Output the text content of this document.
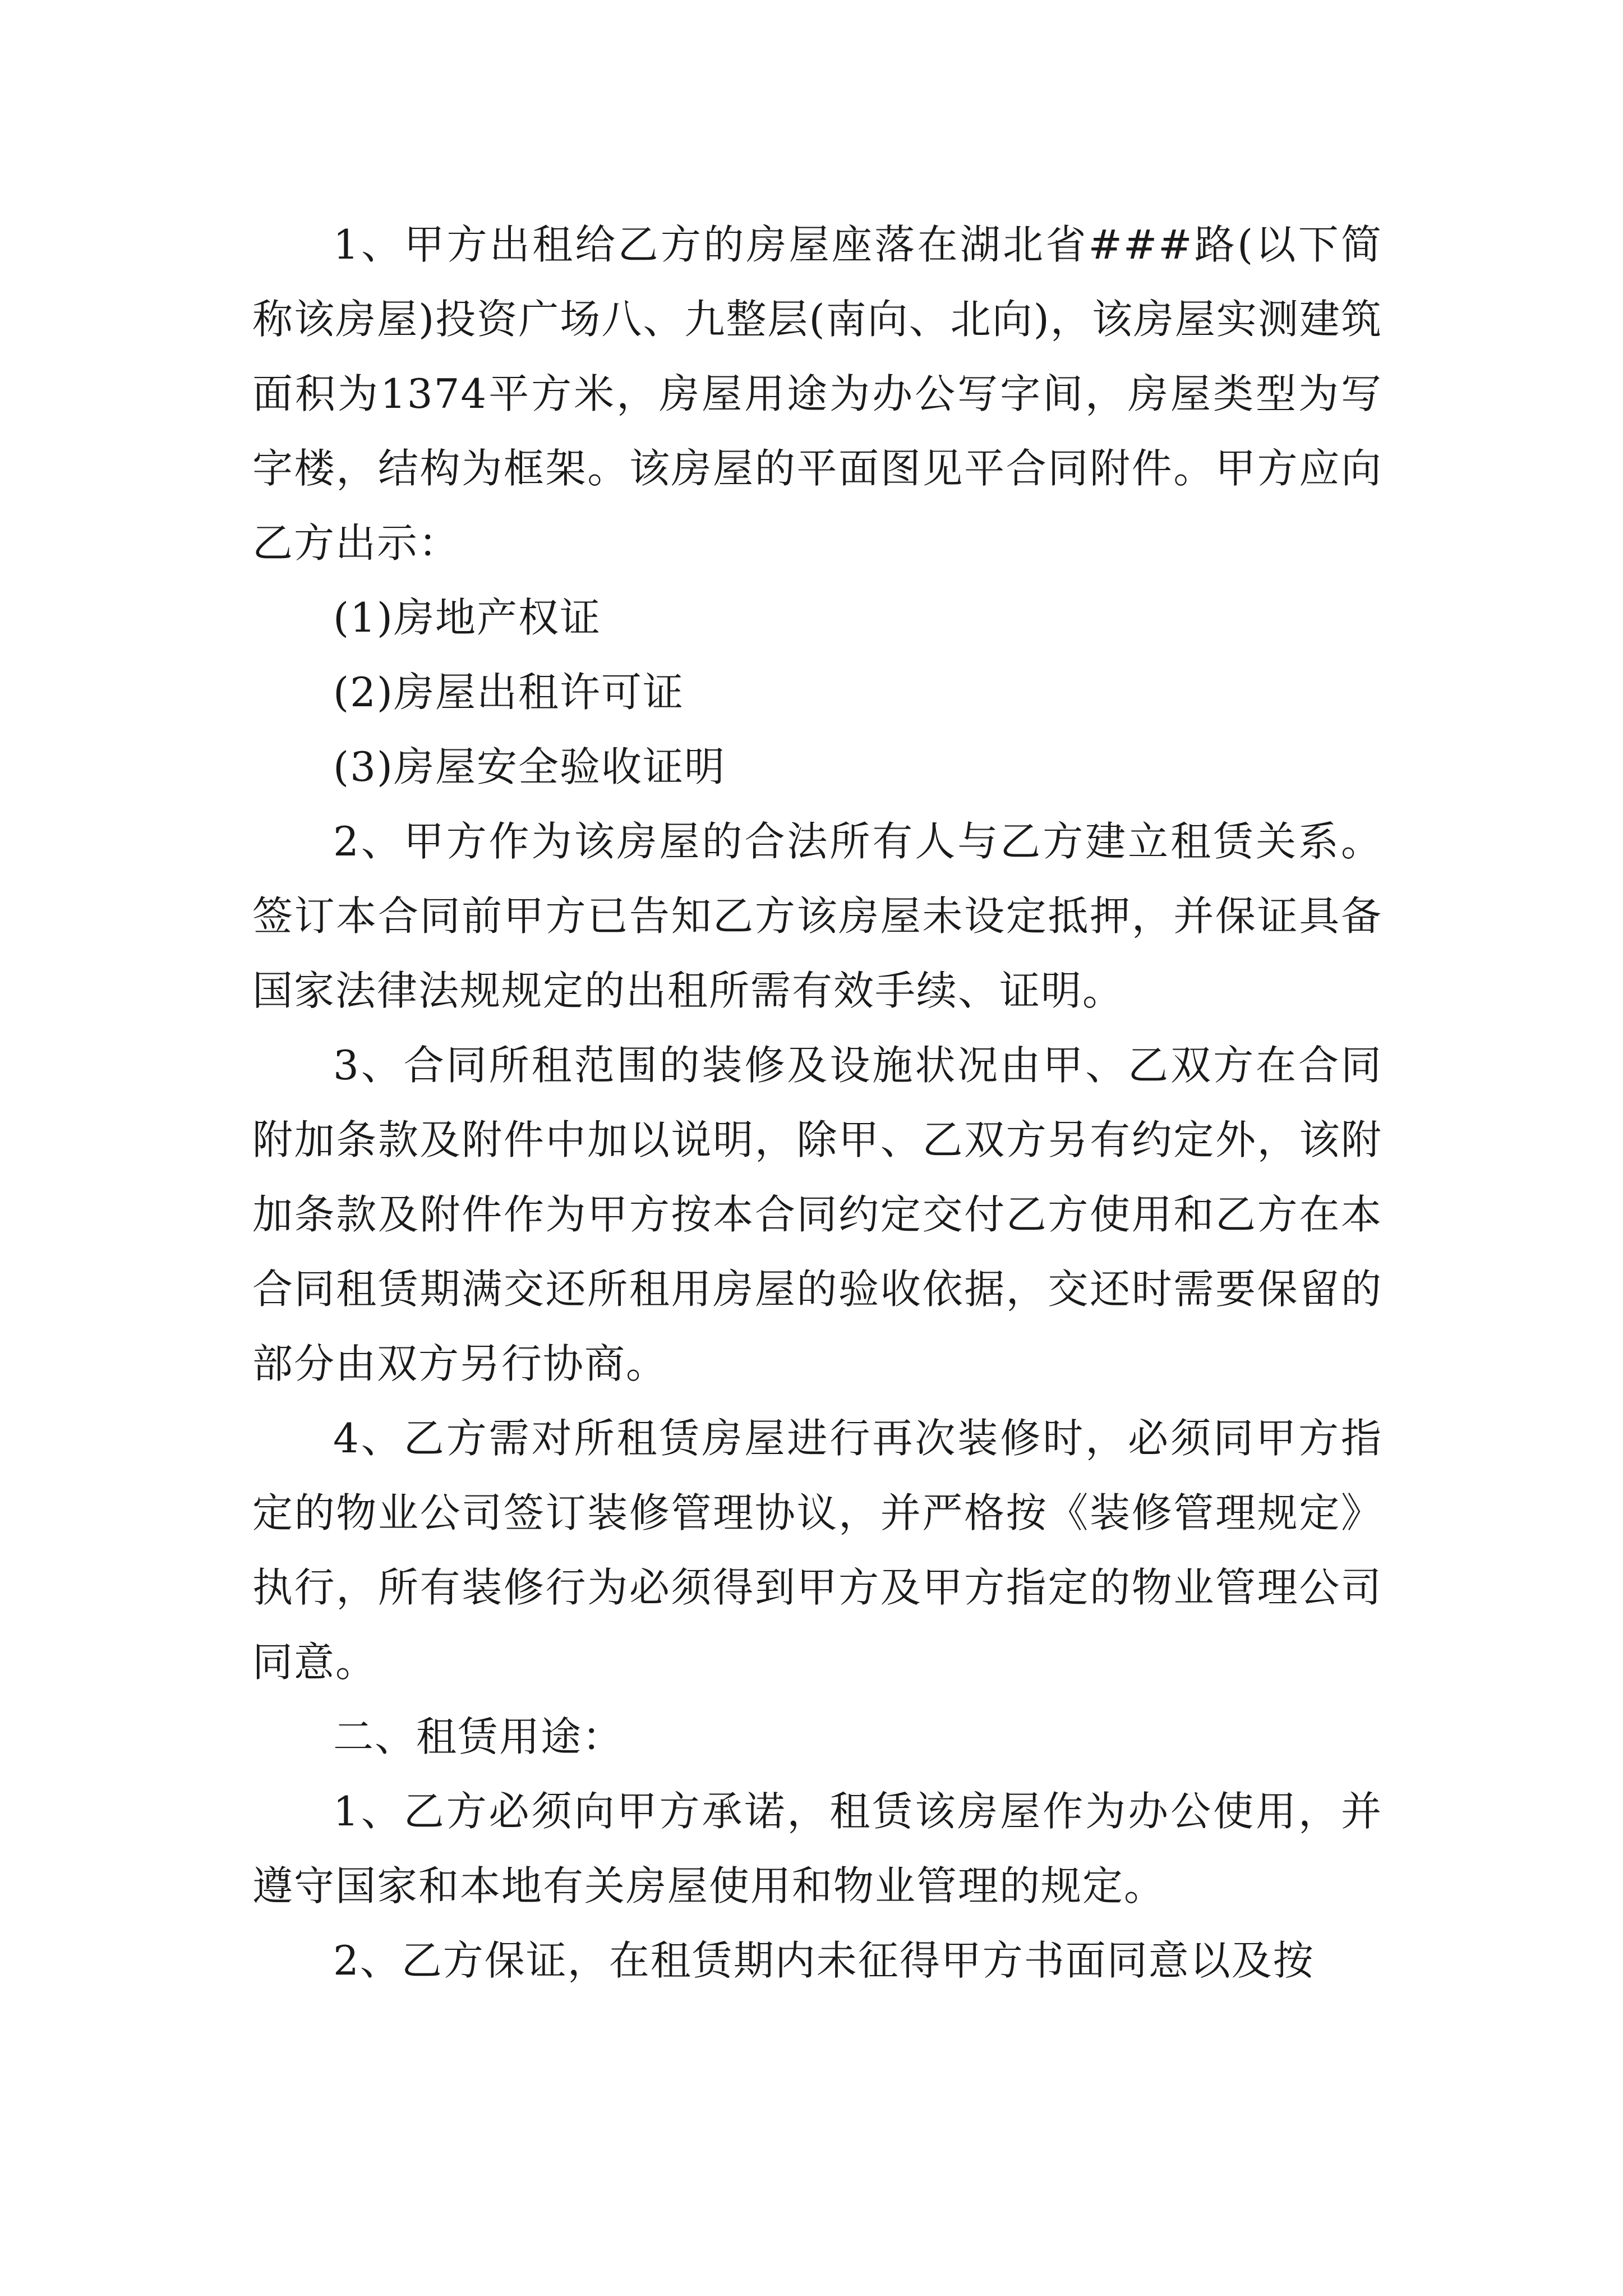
1、甲方出租给乙方的房屋座落在湖北省###路(以下简称该房屋)投资广场八、九整层(南向、北向)，该房屋实测建筑面积为1374平方米，房屋用途为办公写字间，房屋类型为写字楼，结构为框架。该房屋的平面图见平合同附件。甲方应向乙方出示：

(1)房地产权证

(2)房屋出租许可证

(3)房屋安全验收证明

2、甲方作为该房屋的合法所有人与乙方建立租赁关系。签订本合同前甲方已告知乙方该房屋未设定抵押，并保证具备国家法律法规规定的出租所需有效手续、证明。

3、合同所租范围的装修及设施状况由甲、乙双方在合同附加条款及附件中加以说明，除甲、乙双方另有约定外，该附加条款及附件作为甲方按本合同约定交付乙方使用和乙方在本合同租赁期满交还所租用房屋的验收依据，交还时需要保留的部分由双方另行协商。

4、乙方需对所租赁房屋进行再次装修时，必须同甲方指定的物业公司签订装修管理协议，并严格按《装修管理规定》执行，所有装修行为必须得到甲方及甲方指定的物业管理公司同意。

二、租赁用途：

1、乙方必须向甲方承诺，租赁该房屋作为办公使用，并遵守国家和本地有关房屋使用和物业管理的规定。

2、乙方保证，在租赁期内未征得甲方书面同意以及按
